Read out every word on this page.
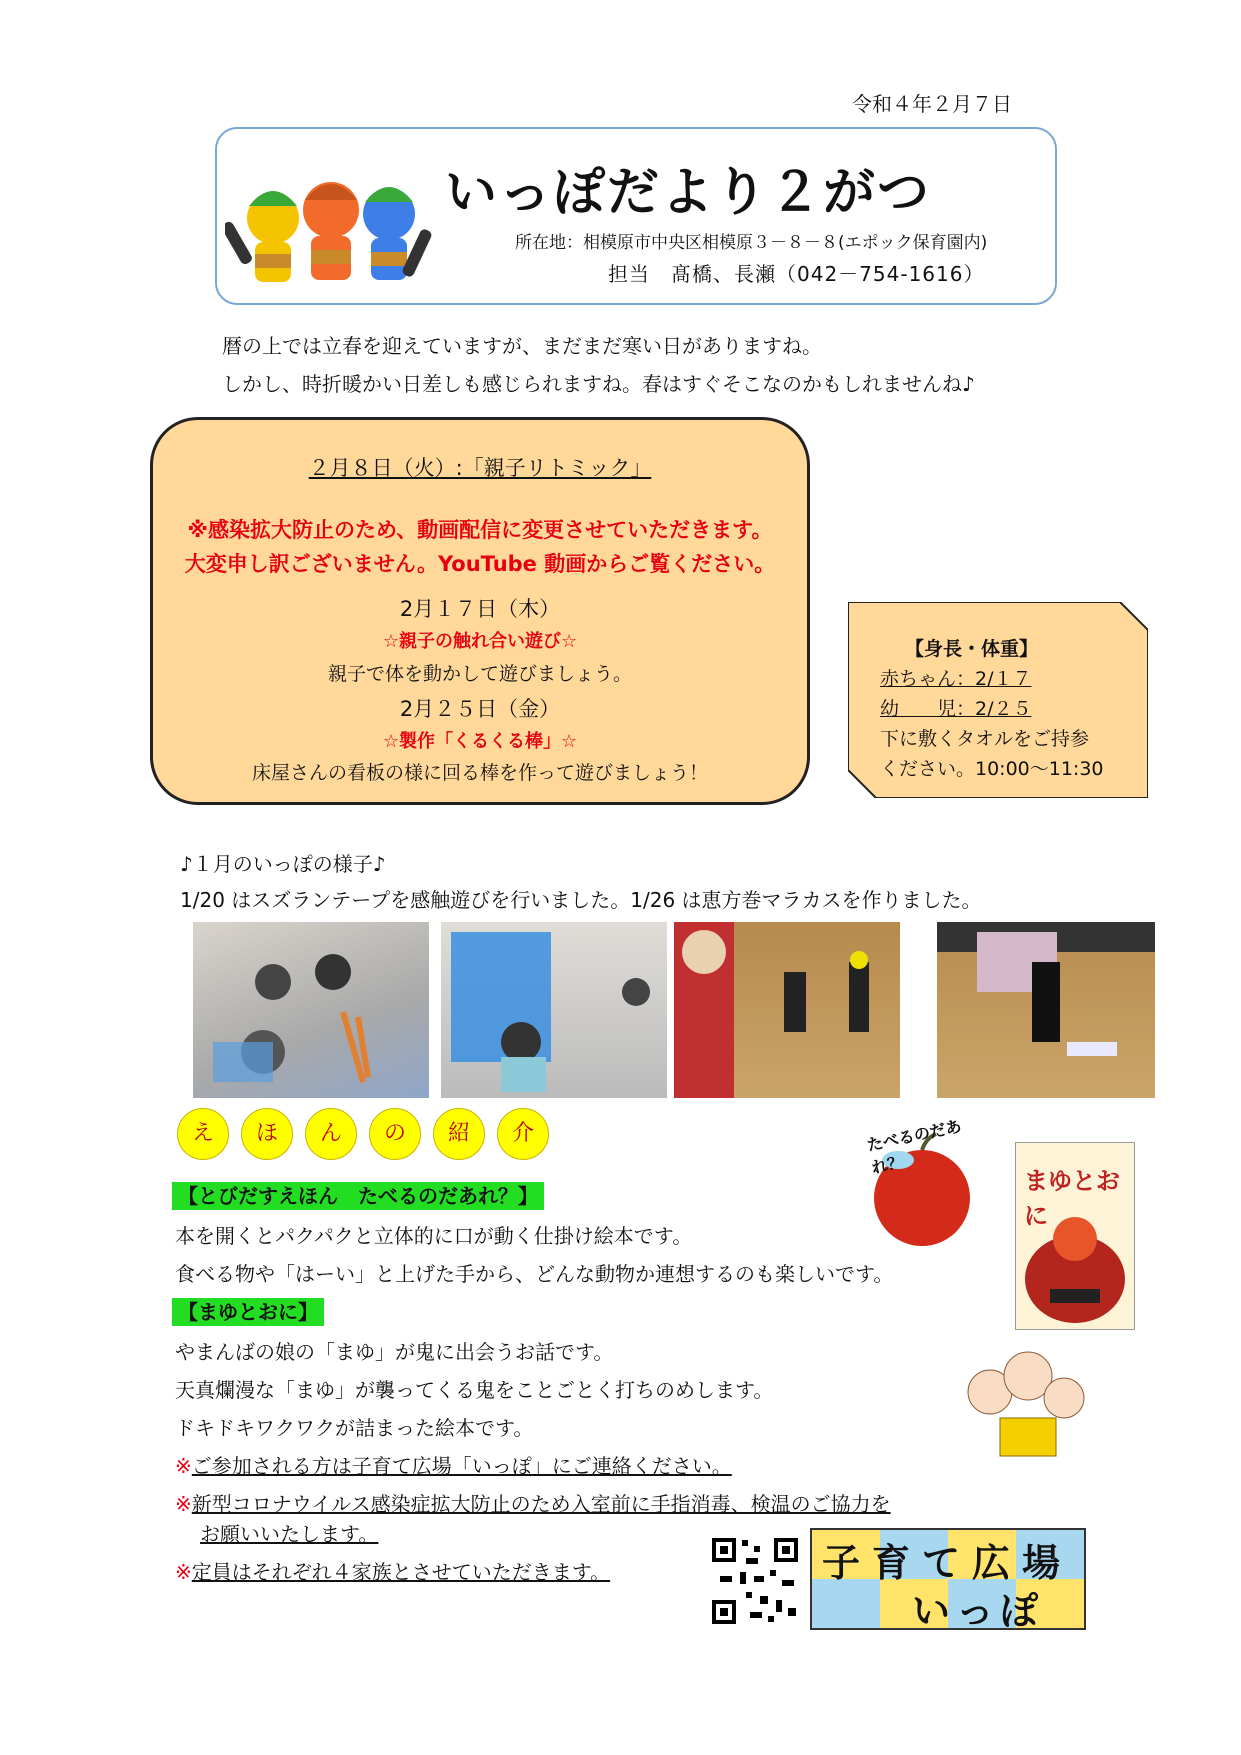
令和４年２月７日
いっぽだより２がつ
所在地：相模原市中央区相模原３－８－８(エポック保育園内)
担当　髙橋、長瀬（042－754-1616）
暦の上では立春を迎えていますが、まだまだ寒い日がありますね。
しかし、時折暖かい日差しも感じられますね。春はすぐそこなのかもしれませんね♪
２月８日（火）:「親子リトミック」
※感染拡大防止のため、動画配信に変更させていただきます。
大変申し訳ございません。YouTube 動画からご覧ください。
2月１７日（木）
☆親子の触れ合い遊び☆
親子で体を動かして遊びましょう。
2月２５日（金）
☆製作「くるくる棒」☆
床屋さんの看板の様に回る棒を作って遊びましょう！
【身長・体重】
赤ちゃん：2/１７
幼　　児：2/２５
下に敷くタオルをご持参
ください。10:00～11:30
♪１月のいっぽの様子♪
1/20 はスズランテープを感触遊びを行いました。1/26 は恵方巻マラカスを作りました。
え	ほ	ん	の	紹	介
【とびだすえほん　たべるのだあれ？】
本を開くとパクパクと立体的に口が動く仕掛け絵本です。
食べる物や「はーい」と上げた手から、どんな動物か連想するのも楽しいです。
【まゆとおに】
やまんばの娘の「まゆ」が鬼に出会うお話です。
天真爛漫な「まゆ」が襲ってくる鬼をことごとく打ちのめします。
ドキドキワクワクが詰まった絵本です。
たべるのだあれ？
まゆとおに
※ご参加される方は子育て広場「いっぽ」にご連絡ください。
※新型コロナウイルス感染症拡大防止のため入室前に手指消毒、検温のご協力を
お願いいたします。
※定員はそれぞれ４家族とさせていただきます。	子育て広場
いっぽ
